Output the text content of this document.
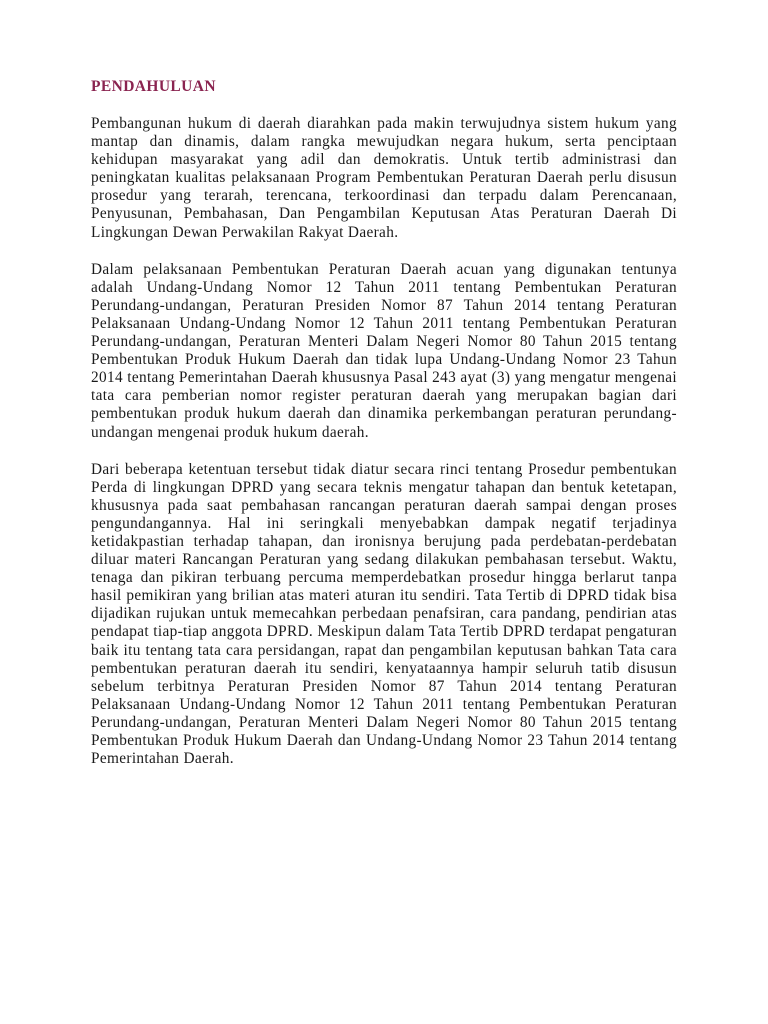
PENDAHULUAN

Pembangunan hukum di daerah diarahkan pada makin terwujudnya sistem hukum yang mantap dan dinamis, dalam rangka mewujudkan negara hukum, serta penciptaan kehidupan masyarakat yang adil dan demokratis. Untuk tertib administrasi dan peningkatan kualitas pelaksanaan Program Pembentukan Peraturan Daerah perlu disusun prosedur yang terarah, terencana, terkoordinasi dan terpadu dalam Perencanaan, Penyusunan, Pembahasan, Dan Pengambilan Keputusan Atas Peraturan Daerah Di Lingkungan Dewan Perwakilan Rakyat Daerah.

Dalam pelaksanaan Pembentukan Peraturan Daerah acuan yang digunakan tentunya adalah Undang-Undang Nomor 12 Tahun 2011 tentang Pembentukan Peraturan Perundang-undangan, Peraturan Presiden Nomor 87 Tahun 2014 tentang Peraturan Pelaksanaan Undang-Undang Nomor 12 Tahun 2011 tentang Pembentukan Peraturan Perundang-undangan, Peraturan Menteri Dalam Negeri Nomor 80 Tahun 2015 tentang Pembentukan Produk Hukum Daerah dan tidak lupa Undang-Undang Nomor 23 Tahun 2014 tentang Pemerintahan Daerah khususnya Pasal 243 ayat (3) yang mengatur mengenai tata cara pemberian nomor register peraturan daerah yang merupakan bagian dari pembentukan produk hukum daerah dan dinamika perkembangan peraturan perundang-undangan mengenai produk hukum daerah.

Dari beberapa ketentuan tersebut tidak diatur secara rinci tentang Prosedur pembentukan Perda di lingkungan DPRD yang secara teknis mengatur tahapan dan bentuk ketetapan, khususnya pada saat pembahasan rancangan peraturan daerah sampai dengan proses pengundangannya. Hal ini seringkali menyebabkan dampak negatif terjadinya ketidakpastian terhadap tahapan, dan ironisnya berujung pada perdebatan-perdebatan diluar materi Rancangan Peraturan yang sedang dilakukan pembahasan tersebut. Waktu, tenaga dan pikiran terbuang percuma memperdebatkan prosedur hingga berlarut tanpa hasil pemikiran yang brilian atas materi aturan itu sendiri. Tata Tertib di DPRD tidak bisa dijadikan rujukan untuk memecahkan perbedaan penafsiran, cara pandang, pendirian atas pendapat tiap-tiap anggota DPRD. Meskipun dalam Tata Tertib DPRD terdapat pengaturan baik itu tentang tata cara persidangan, rapat dan pengambilan keputusan bahkan Tata cara pembentukan peraturan daerah itu sendiri, kenyataannya hampir seluruh tatib disusun sebelum terbitnya Peraturan Presiden Nomor 87 Tahun 2014 tentang Peraturan Pelaksanaan Undang-Undang Nomor 12 Tahun 2011 tentang Pembentukan Peraturan Perundang-undangan, Peraturan Menteri Dalam Negeri Nomor 80 Tahun 2015 tentang Pembentukan Produk Hukum Daerah dan Undang-Undang Nomor 23 Tahun 2014 tentang Pemerintahan Daerah.
